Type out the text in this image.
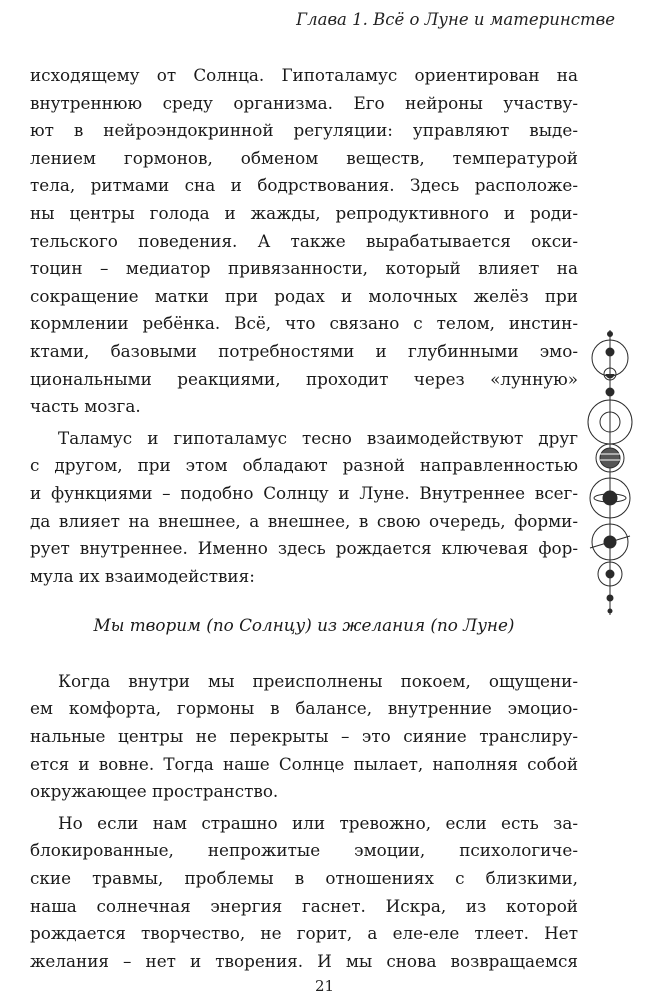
Глава 1. Всё о Луне и материнстве

исходящему от Солнца. Гипоталамус ориентирован на
внутреннюю среду организма. Его нейроны участву-
ют в нейроэндокринной регуляции: управляют выде-
лением гормонов, обменом веществ, температурой
тела, ритмами сна и бодрствования. Здесь расположе-
ны центры голода и жажды, репродуктивного и роди-
тельского поведения. А также вырабатывается окси-
тоцин – медиатор привязанности, который влияет на
сокращение матки при родах и молочных желёз при
кормлении ребёнка. Всё, что связано с телом, инстин-
ктами, базовыми потребностями и глубинными эмо-
циональными реакциями, проходит через «лунную»
часть мозга.

Таламус и гипоталамус тесно взаимодействуют друг
с другом, при этом обладают разной направленностью
и функциями – подобно Солнцу и Луне. Внутреннее всег-
да влияет на внешнее, а внешнее, в свою очередь, форми-
рует внутреннее. Именно здесь рождается ключевая фор-
мула их взаимодействия:

Мы творим (по Солнцу) из желания (по Луне)

Когда внутри мы преисполнены покоем, ощущени-
ем комфорта, гормоны в балансе, внутренние эмоцио-
нальные центры не перекрыты – это сияние транслиру-
ется и вовне. Тогда наше Солнце пылает, наполняя собой
окружающее пространство.

Но если нам страшно или тревожно, если есть за-
блокированные, непрожитые эмоции, психологиче-
ские травмы, проблемы в отношениях с близкими,
наша солнечная энергия гаснет. Искра, из которой
рождается творчество, не горит, а еле-еле тлеет. Нет
желания – нет и творения. И мы снова возвращаемся

21
